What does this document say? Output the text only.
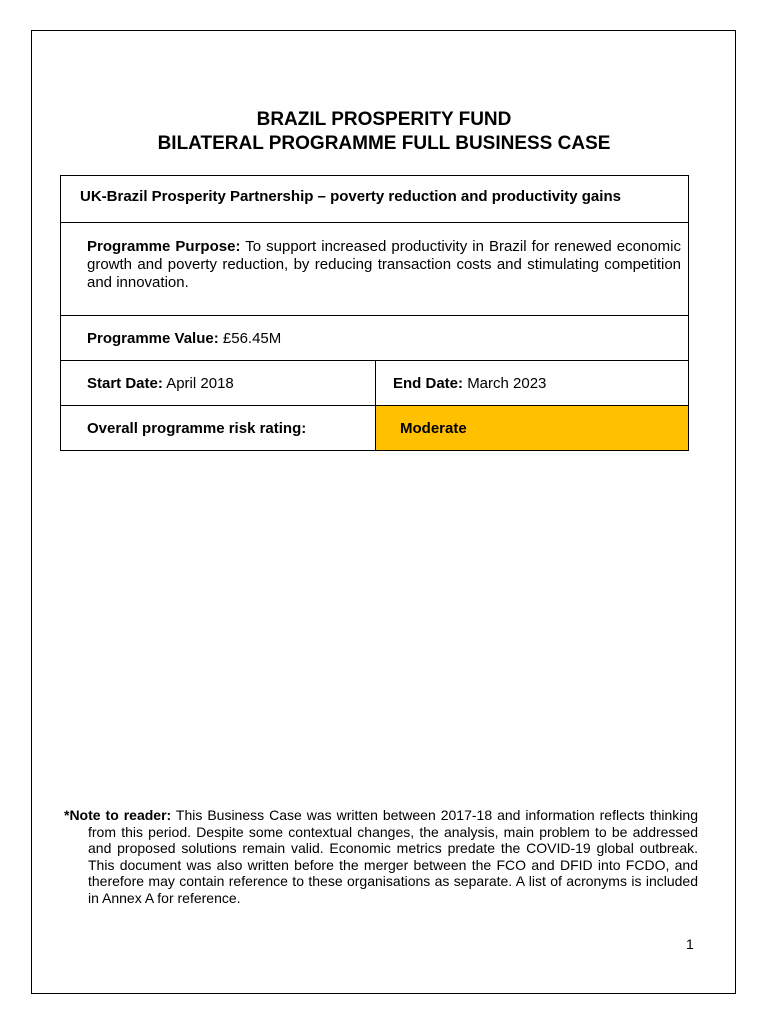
BRAZIL PROSPERITY FUND
BILATERAL PROGRAMME FULL BUSINESS CASE
UK-Brazil Prosperity Partnership – poverty reduction and productivity gains	

Programme Purpose: To support increased productivity in Brazil for renewed economic growth and poverty reduction, by reducing transaction costs and stimulating competition and innovation.	

Programme Value: £56.45M	

Start Date: April 2018	End Date: March 2023

Overall programme risk rating:	Moderate
*Note to reader: This Business Case was written between 2017-18 and information reflects thinking from this period. Despite some contextual changes, the analysis, main problem to be addressed and proposed solutions remain valid. Economic metrics predate the COVID-19 global outbreak. This document was also written before the merger between the FCO and DFID into FCDO, and therefore may contain reference to these organisations as separate. A list of acronyms is included in Annex A for reference.
1
